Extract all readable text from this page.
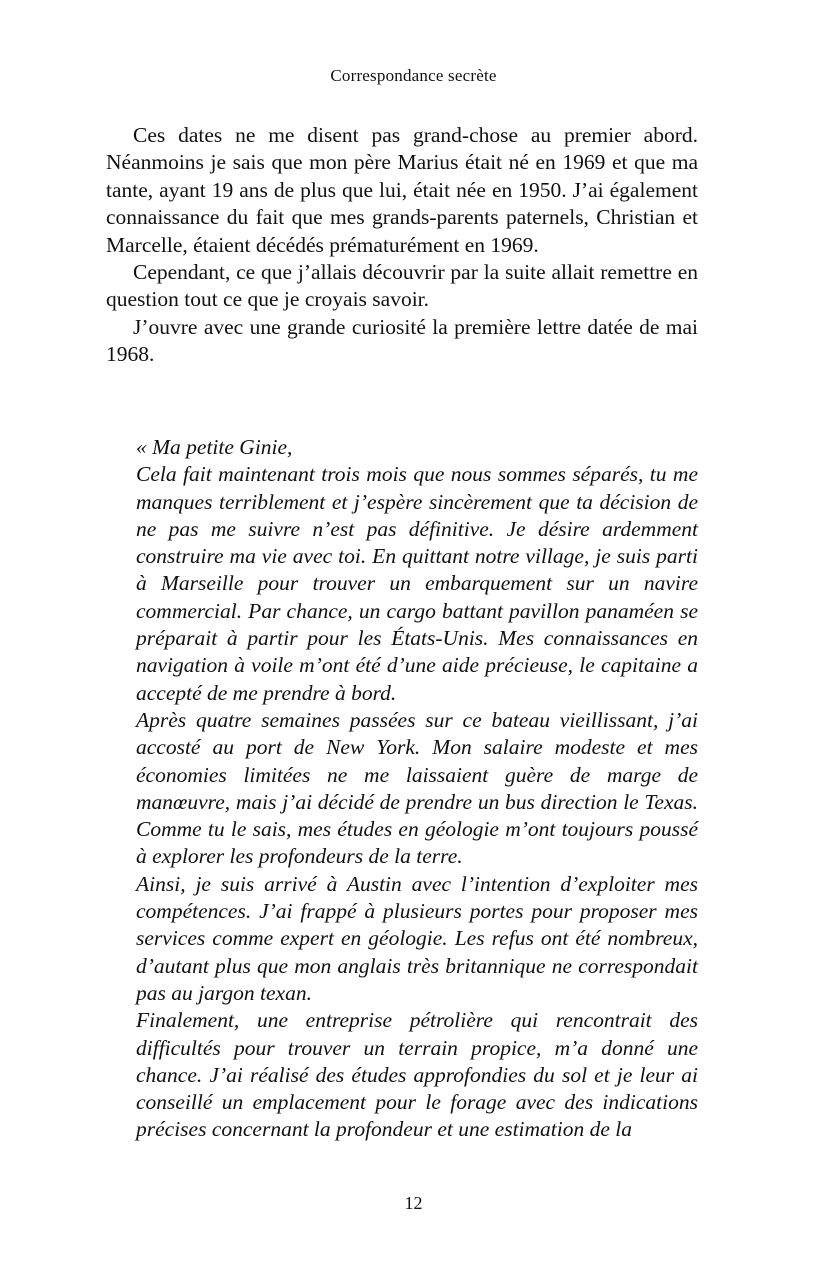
Correspondance secrète

Ces dates ne me disent pas grand-chose au premier abord. Néanmoins je sais que mon père Marius était né en 1969 et que ma tante, ayant 19 ans de plus que lui, était née en 1950. J’ai également connaissance du fait que mes grands-parents paternels, Christian et Marcelle, étaient décédés prématurément en 1969.

Cependant, ce que j’allais découvrir par la suite allait remettre en question tout ce que je croyais savoir.

J’ouvre avec une grande curiosité la première lettre datée de mai 1968.

« Ma petite Ginie,

Cela fait maintenant trois mois que nous sommes séparés, tu me manques terriblement et j’espère sincèrement que ta décision de ne pas me suivre n’est pas définitive. Je désire ardemment construire ma vie avec toi. En quittant notre village, je suis parti à Marseille pour trouver un embarquement sur un navire commercial. Par chance, un cargo battant pavillon panaméen se préparait à partir pour les États-Unis. Mes connaissances en navigation à voile m’ont été d’une aide précieuse, le capitaine a accepté de me prendre à bord.

Après quatre semaines passées sur ce bateau vieillissant, j’ai accosté au port de New York. Mon salaire modeste et mes économies limitées ne me laissaient guère de marge de manœuvre, mais j’ai décidé de prendre un bus direction le Texas. Comme tu le sais, mes études en géologie m’ont toujours poussé à explorer les profondeurs de la terre.

Ainsi, je suis arrivé à Austin avec l’intention d’exploiter mes compétences. J’ai frappé à plusieurs portes pour proposer mes services comme expert en géologie. Les refus ont été nombreux, d’autant plus que mon anglais très britannique ne correspondait pas au jargon texan.

Finalement, une entreprise pétrolière qui rencontrait des difficultés pour trouver un terrain propice, m’a donné une chance. J’ai réalisé des études approfondies du sol et je leur ai conseillé un emplacement pour le forage avec des indications précises concernant la profondeur et une estimation de la

12
